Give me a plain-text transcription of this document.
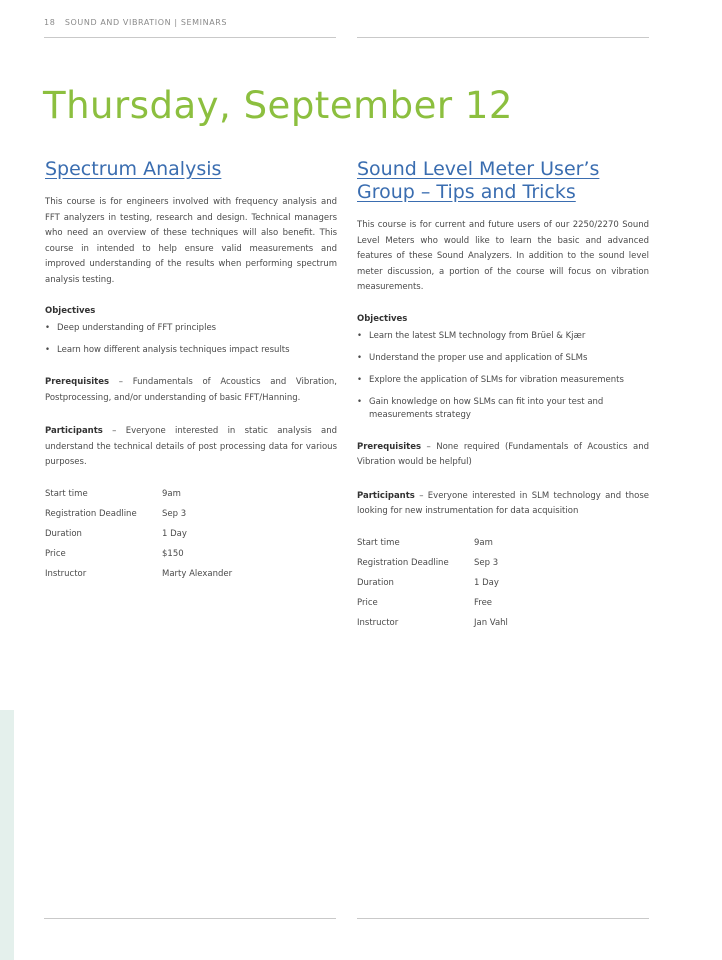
18 SOUND AND VIBRATION | SEMINARS
Thursday, September 12
Spectrum Analysis

This course is for engineers involved with frequency analysis and FFT analyzers in testing, research and design. Technical managers who need an overview of these techniques will also benefit. This course in intended to help ensure valid measurements and improved understanding of the results when performing spectrum analysis testing.

Objectives
• Deep understanding of FFT principles
• Learn how different analysis techniques impact results

Prerequisites – Fundamentals of Acoustics and Vibration, Postprocessing, and/or understanding of basic FFT/Hanning.

Participants – Everyone interested in static analysis and understand the technical details of post processing data for various purposes.

Start time	9am
Registration Deadline	Sep 3
Duration	1 Day
Price	$150
Instructor	Marty Alexander
Sound Level Meter User’s Group – Tips and Tricks

This course is for current and future users of our 2250/2270 Sound Level Meters who would like to learn the basic and advanced features of these Sound Analyzers. In addition to the sound level meter discussion, a portion of the course will focus on vibration measurements.

Objectives
• Learn the latest SLM technology from Brüel & Kjær
• Understand the proper use and application of SLMs
• Explore the application of SLMs for vibration measurements
• Gain knowledge on how SLMs can fit into your test and measurements strategy

Prerequisites – None required (Fundamentals of Acoustics and Vibration would be helpful)

Participants – Everyone interested in SLM technology and those looking for new instrumentation for data acquisition

Start time	9am
Registration Deadline	Sep 3
Duration	1 Day
Price	Free
Instructor	Jan Vahl
